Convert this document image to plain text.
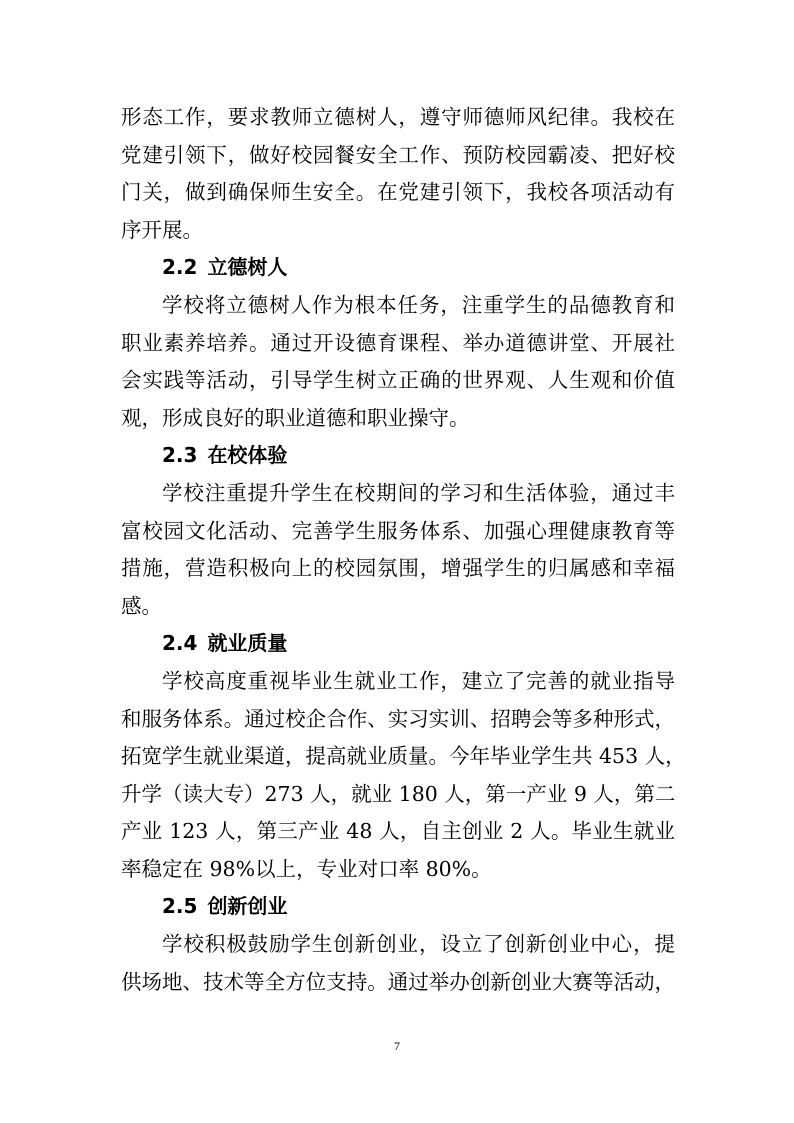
形态工作，要求教师立德树人，遵守师德师风纪律。我校在
党建引领下，做好校园餐安全工作、预防校园霸凌、把好校
门关，做到确保师生安全。在党建引领下，我校各项活动有
序开展。
2.2 立德树人
学校将立德树人作为根本任务，注重学生的品德教育和
职业素养培养。通过开设德育课程、举办道德讲堂、开展社
会实践等活动，引导学生树立正确的世界观、人生观和价值
观，形成良好的职业道德和职业操守。
2.3 在校体验
学校注重提升学生在校期间的学习和生活体验，通过丰
富校园文化活动、完善学生服务体系、加强心理健康教育等
措施，营造积极向上的校园氛围，增强学生的归属感和幸福
感。
2.4 就业质量
学校高度重视毕业生就业工作，建立了完善的就业指导
和服务体系。通过校企合作、实习实训、招聘会等多种形式，
拓宽学生就业渠道，提高就业质量。今年毕业学生共 453 人，
升学（读大专）273 人，就业 180 人，第一产业 9 人，第二
产业 123 人，第三产业 48 人，自主创业 2 人。毕业生就业
率稳定在 98%以上，专业对口率 80%。
2.5 创新创业
学校积极鼓励学生创新创业，设立了创新创业中心，提
供场地、技术等全方位支持。通过举办创新创业大赛等活动，
7
